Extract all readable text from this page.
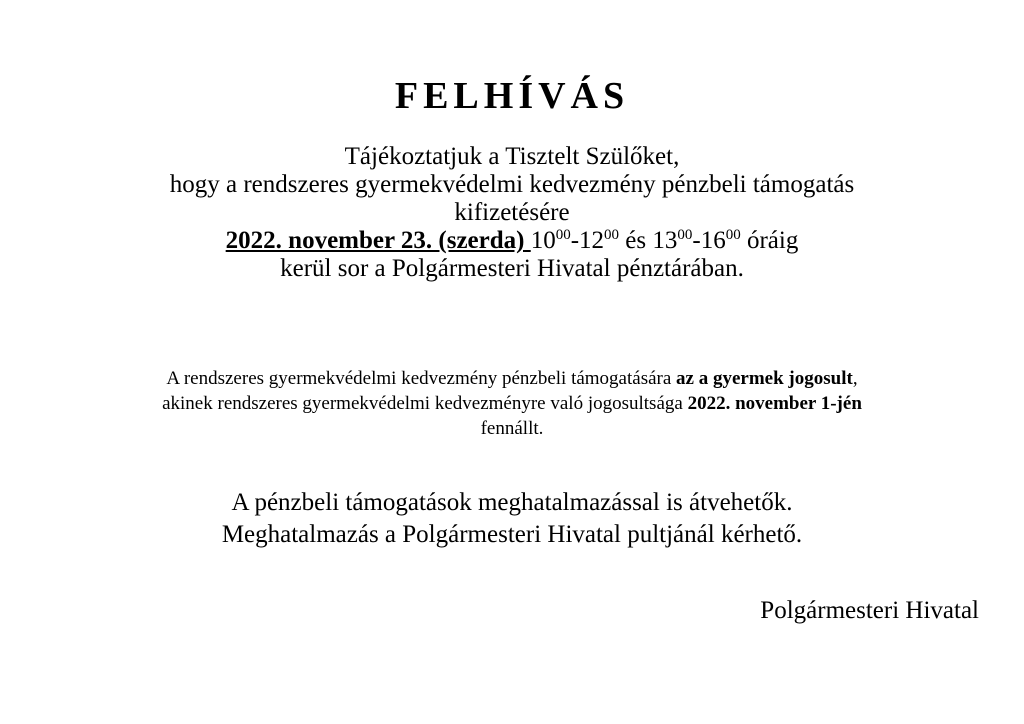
FELHÍVÁS
Tájékoztatjuk a Tisztelt Szülőket,
hogy a rendszeres gyermekvédelmi kedvezmény pénzbeli támogatás
kifizetésére
2022. november 23. (szerda) $10^{00}-12^{00}$ és $13^{00}-16^{00}$ óráig
kerül sor a Polgármesteri Hivatal pénztárában.
A rendszeres gyermekvédelmi kedvezmény pénzbeli támogatására az a gyermek jogosult,
akinek rendszeres gyermekvédelmi kedvezményre való jogosultsága 2022. november 1-jén
fennállt.
A pénzbeli támogatások meghatalmazással is átvehetők.
Meghatalmazás a Polgármesteri Hivatal pultjánál kérhető.
Polgármesteri Hivatal
